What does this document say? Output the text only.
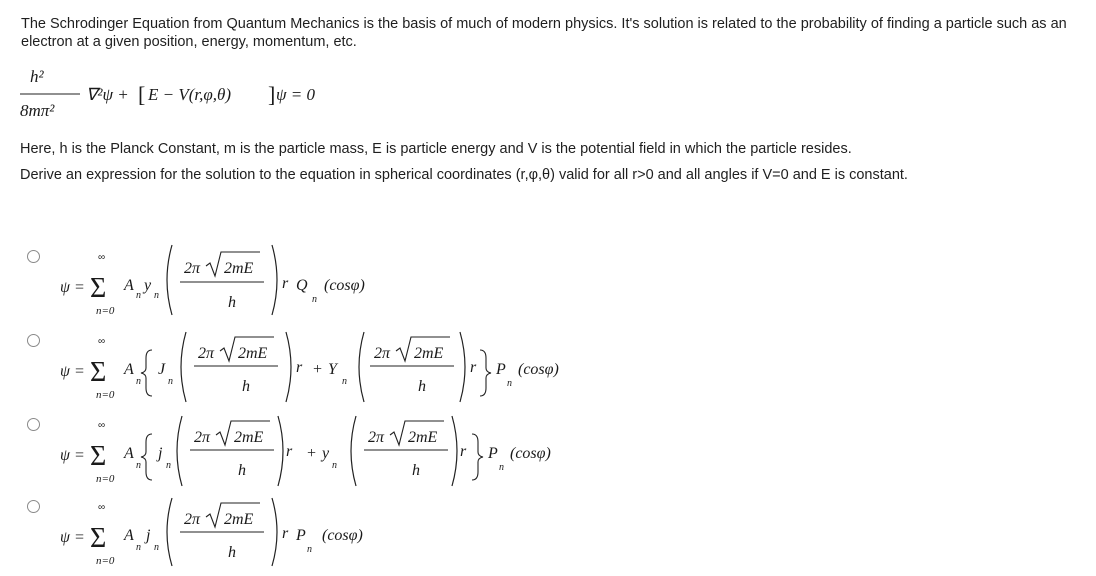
The Schrodinger Equation from Quantum Mechanics is the basis of much of modern physics. It's solution is related to the probability of finding a particle such as an electron at a given position, energy, momentum, etc.
h²
8mπ²
∇²ψ + [ E − V(r,φ,θ) ] ψ = 0
Here, h is the Planck Constant, m is the particle mass, E is particle energy and V is the potential field in which the particle resides.
Derive an expression for the solution to the equation in spherical coordinates (r,φ,θ) valid for all r>0 and all angles if V=0 and E is constant.
ψ =
∞
Σ
n=0
A
n
y
n
2π 2mE
h
r Q
n
(cosφ)
ψ =
∞
Σ
n=0
A
n
J
n
2π 2mE
h
r + Y
n
2π 2mE
h
r P
n
(cosφ)
ψ =
∞
Σ
n=0
A
n
j
n
2π 2mE
h
r + y
n
2π 2mE
h
r P
n
(cosφ)
ψ =
∞
Σ
n=0
A
n
j
n
2π 2mE
h
r P
n
(cosφ)
